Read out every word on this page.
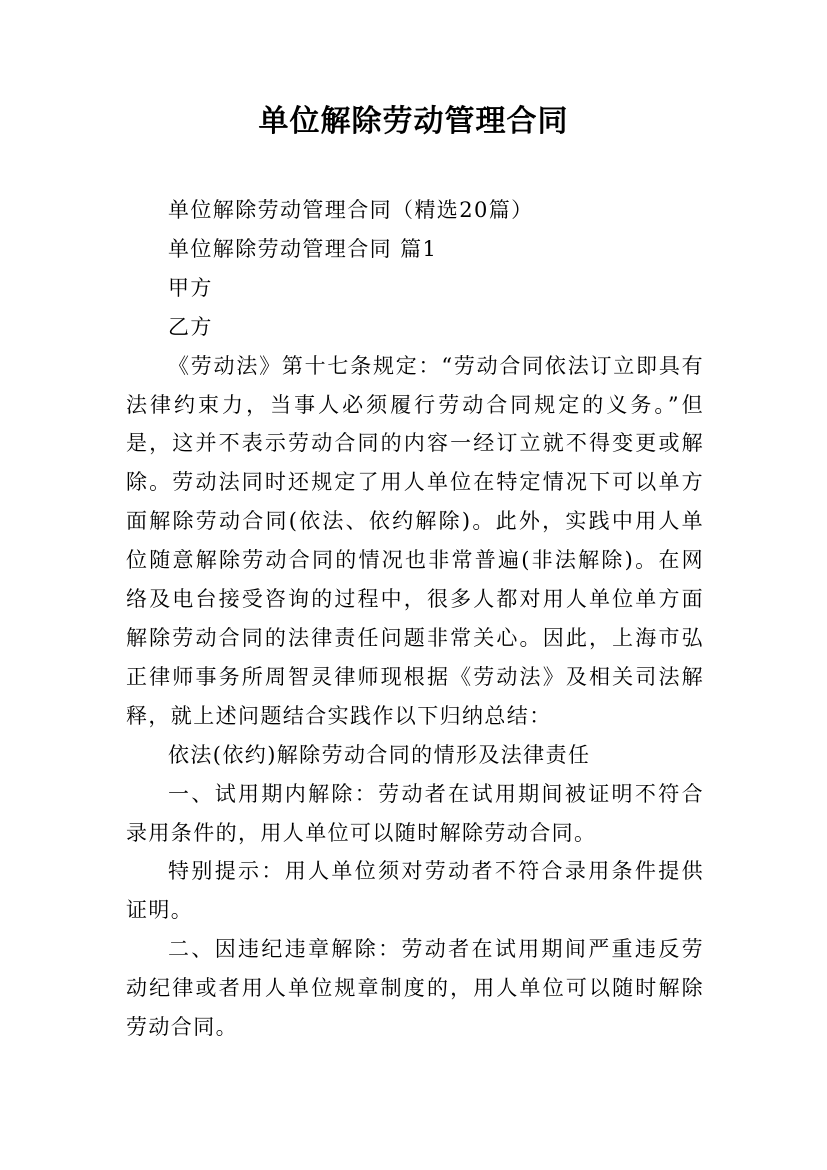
单位解除劳动管理合同

单位解除劳动管理合同（精选20篇）

单位解除劳动管理合同 篇1

甲方

乙方

《劳动法》第十七条规定：“劳动合同依法订立即具有法律约束力，当事人必须履行劳动合同规定的义务。”但是，这并不表示劳动合同的内容一经订立就不得变更或解除。劳动法同时还规定了用人单位在特定情况下可以单方面解除劳动合同(依法、依约解除)。此外，实践中用人单位随意解除劳动合同的情况也非常普遍(非法解除)。在网络及电台接受咨询的过程中，很多人都对用人单位单方面解除劳动合同的法律责任问题非常关心。因此，上海市弘正律师事务所周智灵律师现根据《劳动法》及相关司法解释，就上述问题结合实践作以下归纳总结：

依法(依约)解除劳动合同的情形及法律责任

一、试用期内解除：劳动者在试用期间被证明不符合录用条件的，用人单位可以随时解除劳动合同。

特别提示：用人单位须对劳动者不符合录用条件提供证明。

二、因违纪违章解除：劳动者在试用期间严重违反劳动纪律或者用人单位规章制度的，用人单位可以随时解除劳动合同。
